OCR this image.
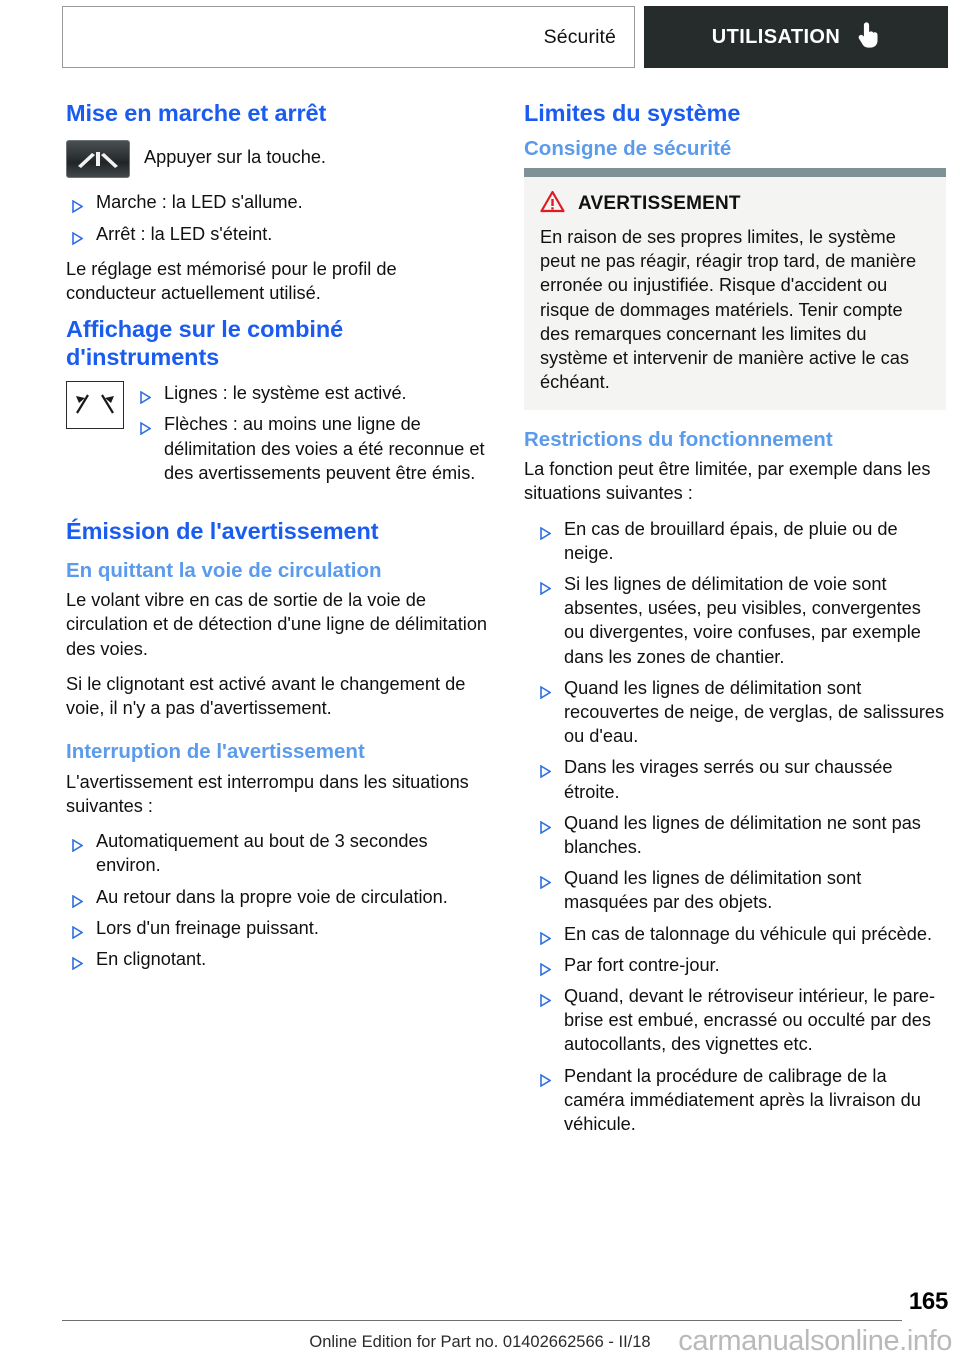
Sécurité	UTILISATION
Mise en marche et arrêt
Appuyer sur la touche.
Marche : la LED s'allume.
Arrêt : la LED s'éteint.

Le réglage est mémorisé pour le profil de conducteur actuellement utilisé.

Affichage sur le combiné d'instruments
Lignes : le système est activé.
Flèches : au moins une ligne de délimitation des voies a été reconnue et des avertissements peuvent être émis.
Émission de l'avertissement
En quittant la voie de circulation

Le volant vibre en cas de sortie de la voie de circulation et de détection d'une ligne de délimitation des voies.

Si le clignotant est activé avant le changement de voie, il n'y a pas d'avertissement.

Interruption de l'avertissement

L'avertissement est interrompu dans les situations suivantes :

Automatiquement au bout de 3 secondes environ.
Au retour dans la propre voie de circulation.
Lors d'un freinage puissant.
En clignotant.
Limites du système
Consigne de sécurité
AVERTISSEMENT
En raison de ses propres limites, le système peut ne pas réagir, réagir trop tard, de manière erronée ou injustifiée. Risque d'accident ou risque de dommages matériels. Tenir compte des remarques concernant les limites du système et intervenir de manière active le cas échéant.
Restrictions du fonctionnement

La fonction peut être limitée, par exemple dans les situations suivantes :

En cas de brouillard épais, de pluie ou de neige.
Si les lignes de délimitation de voie sont absentes, usées, peu visibles, convergentes ou divergentes, voire confuses, par exemple dans les zones de chantier.
Quand les lignes de délimitation sont recouvertes de neige, de verglas, de salissures ou d'eau.
Dans les virages serrés ou sur chaussée étroite.
Quand les lignes de délimitation ne sont pas blanches.
Quand les lignes de délimitation sont masquées par des objets.
En cas de talonnage du véhicule qui précède.
Par fort contre-jour.
Quand, devant le rétroviseur intérieur, le pare-brise est embué, encrassé ou occulté par des autocollants, des vignettes etc.
Pendant la procédure de calibrage de la caméra immédiatement après la livraison du véhicule.
165
Online Edition for Part no. 01402662566 - II/18 carmanualsonline.info
